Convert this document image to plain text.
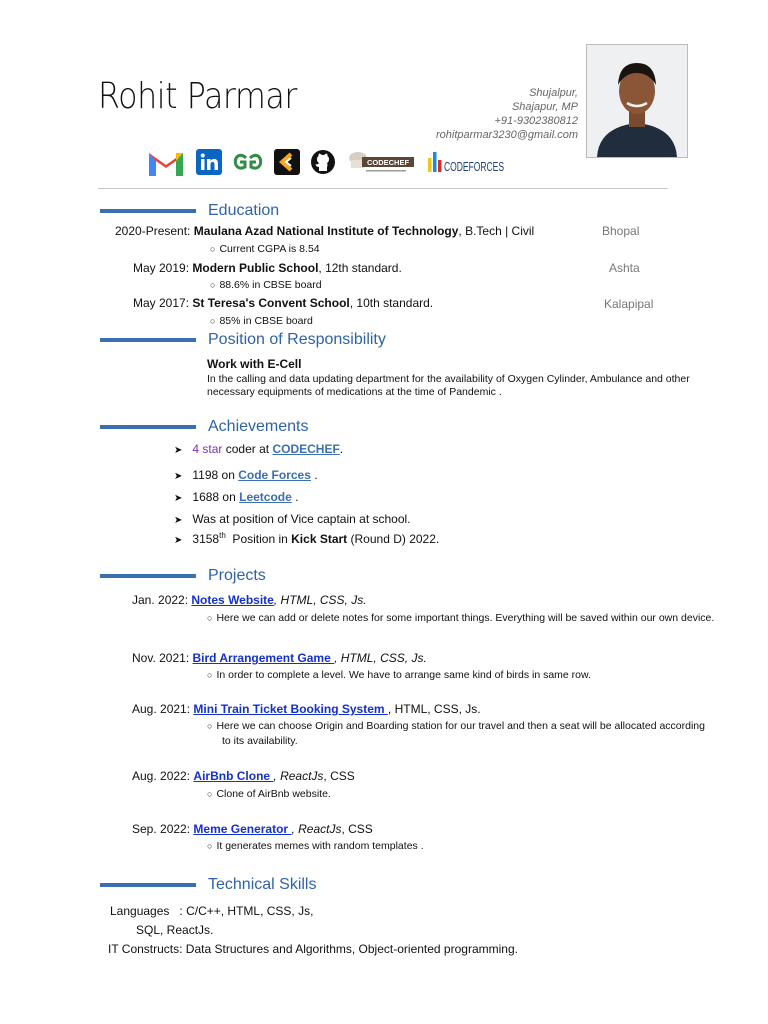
Rohit Parmar	Shujalpur,
Shajapur, MP
+91-9302380812
rohitparmar3230@gmail.com
CODECHEF	CODEFORCES
Education
2020-Present: Maulana Azad National Institute of Technology, B.Tech | Civil	Bhopal
○ Current CGPA is 8.54
May 2019: Modern Public School, 12th standard.	Ashta
○ 88.6% in CBSE board
May 2017: St Teresa's Convent School, 10th standard.	Kalapipal
○ 85% in CBSE board
Position of Responsibility
Work with E-Cell
In the calling and data updating department for the availability of Oxygen Cylinder, Ambulance and other
necessary equipments of medications at the time of Pandemic .
Achievements
➤ 4 star coder at CODECHEF.
➤ 1198 on Code Forces .
➤ 1688 on Leetcode .
➤ Was at position of Vice captain at school.
➤ 3158th  Position in Kick Start (Round D) 2022.
Projects
Jan. 2022: Notes Website, HTML, CSS, Js.
○ Here we can add or delete notes for some important things. Everything will be saved within our own device.
Nov. 2021: Bird Arrangement Game , HTML, CSS, Js.
○ In order to complete a level. We have to arrange same kind of birds in same row.
Aug. 2021: Mini Train Ticket Booking System , HTML, CSS, Js.
○ Here we can choose Origin and Boarding station for our travel and then a seat will be allocated according
to its availability.
Aug. 2022: AirBnb Clone , ReactJs, CSS
○ Clone of AirBnb website.
Sep. 2022: Meme Generator , ReactJs, CSS
○ It generates memes with random templates .
Technical Skills
Languages   : C/C++, HTML, CSS, Js,
SQL, ReactJs.
IT Constructs: Data Structures and Algorithms, Object-oriented programming.
